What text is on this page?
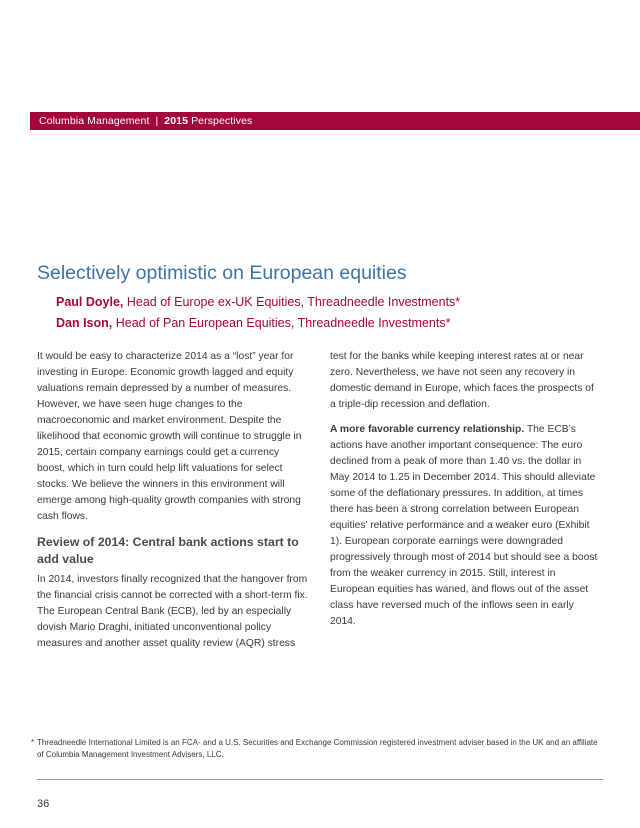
Columbia Management | 2015 Perspectives
Selectively optimistic on European equities
Paul Doyle, Head of Europe ex-UK Equities, Threadneedle Investments*
Dan Ison, Head of Pan European Equities, Threadneedle Investments*

It would be easy to characterize 2014 as a “lost” year for investing in Europe. Economic growth lagged and equity valuations remain depressed by a number of measures. However, we have seen huge changes to the macroeconomic and market environment. Despite the likelihood that economic growth will continue to struggle in 2015, certain company earnings could get a currency boost, which in turn could help lift valuations for select stocks. We believe the winners in this environment will emerge among high-quality growth companies with strong cash flows.

Review of 2014: Central bank actions start to add value

In 2014, investors finally recognized that the hangover from the financial crisis cannot be corrected with a short-term fix. The European Central Bank (ECB), led by an especially dovish Mario Draghi, initiated unconventional policy measures and another asset quality review (AQR) stress

test for the banks while keeping interest rates at or near zero. Nevertheless, we have not seen any recovery in domestic demand in Europe, which faces the prospects of a triple-dip recession and deflation.

A more favorable currency relationship. The ECB’s actions have another important consequence: The euro declined from a peak of more than 1.40 vs. the dollar in May 2014 to 1.25 in December 2014. This should alleviate some of the deflationary pressures. In addition, at times there has been a strong correlation between European equities’ relative performance and a weaker euro (Exhibit 1). European corporate earnings were downgraded progressively through most of 2014 but should see a boost from the weaker currency in 2015. Still, interest in European equities has waned, and flows out of the asset class have reversed much of the inflows seen in early 2014.

* Threadneedle International Limited is an FCA- and a U.S. Securities and Exchange Commission registered investment adviser based in the UK and an affiliate of Columbia Management Investment Advisers, LLC.
36
